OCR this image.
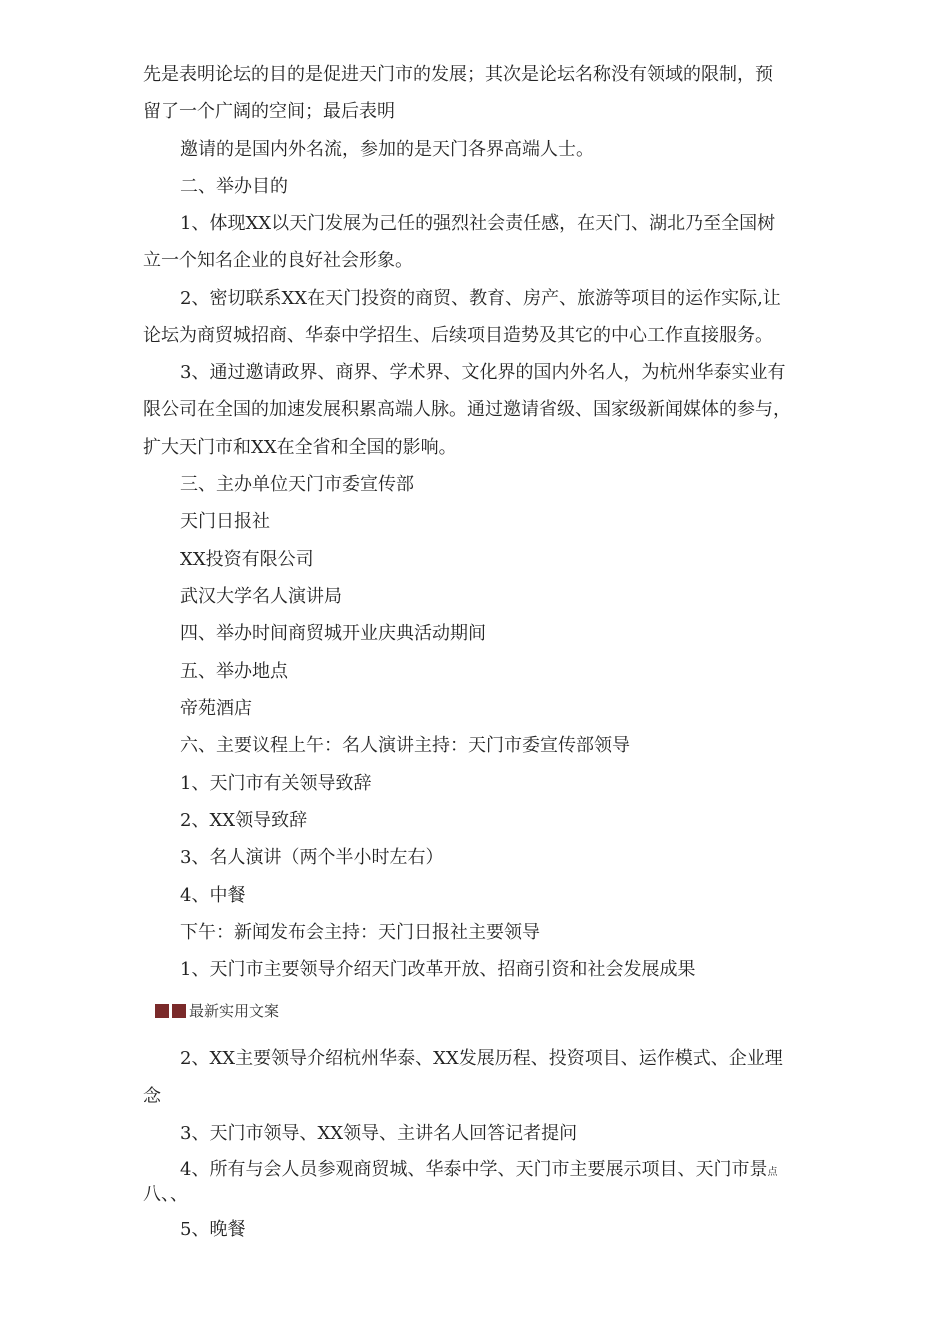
先是表明论坛的目的是促进天门市的发展；其次是论坛名称没有领域的限制，预
留了一个广阔的空间；最后表明
邀请的是国内外名流，参加的是天门各界高端人士。
二、举办目的
1、体现XX以天门发展为己任的强烈社会责任感，在天门、湖北乃至全国树
立一个知名企业的良好社会形象。
2、密切联系XX在天门投资的商贸、教育、房产、旅游等项目的运作实际,让
论坛为商贸城招商、华泰中学招生、后续项目造势及其它的中心工作直接服务。
3、通过邀请政界、商界、学术界、文化界的国内外名人，为杭州华泰实业有
限公司在全国的加速发展积累高端人脉。通过邀请省级、国家级新闻媒体的参与，
扩大天门市和XX在全省和全国的影响。
三、主办单位天门市委宣传部
天门日报社
XX投资有限公司
武汉大学名人演讲局
四、举办时间商贸城开业庆典活动期间
五、举办地点
帝苑酒店
六、主要议程上午：名人演讲主持：天门市委宣传部领导
1、天门市有关领导致辞
2、XX领导致辞
3、名人演讲（两个半小时左右）
4、中餐
下午：新闻发布会主持：天门日报社主要领导
1、天门市主要领导介绍天门改革开放、招商引资和社会发展成果
最新实用文案
2、XX主要领导介绍杭州华泰、XX发展历程、投资项目、运作模式、企业理
念
3、天门市领导、XX领导、主讲名人回答记者提问
4、所有与会人员参观商贸城、华泰中学、天门市主要展示项目、天门市景点
八、、
5、晚餐
